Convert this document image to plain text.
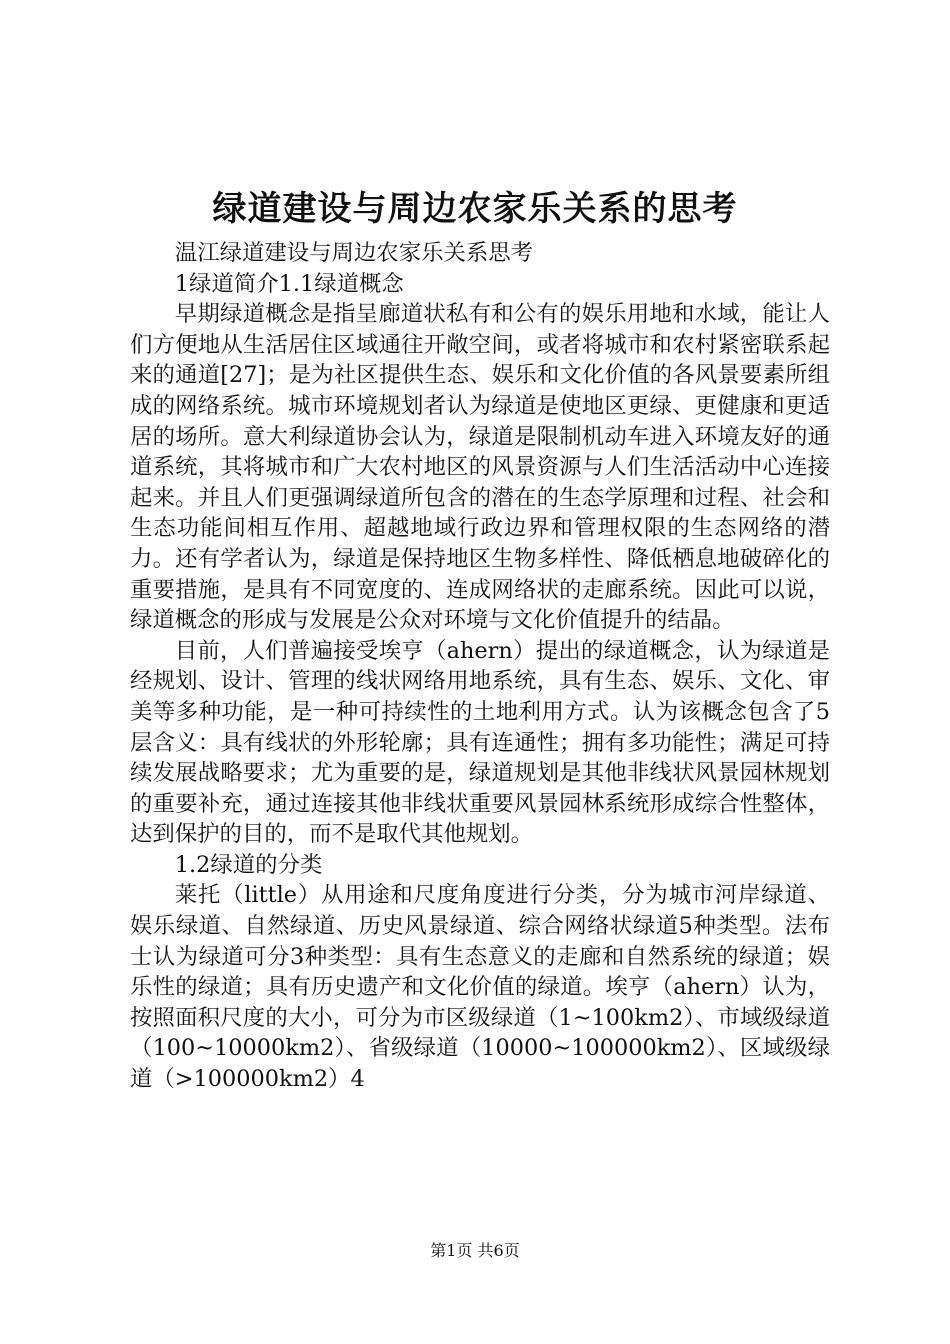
绿道建设与周边农家乐关系的思考

温江绿道建设与周边农家乐关系思考

1绿道简介1.1绿道概念

早期绿道概念是指呈廊道状私有和公有的娱乐用地和水域，能让人们方便地从生活居住区域通往开敞空间，或者将城市和农村紧密联系起来的通道[27]；是为社区提供生态、娱乐和文化价值的各风景要素所组成的网络系统。城市环境规划者认为绿道是使地区更绿、更健康和更适居的场所。意大利绿道协会认为，绿道是限制机动车进入环境友好的通道系统，其将城市和广大农村地区的风景资源与人们生活活动中心连接起来。并且人们更强调绿道所包含的潜在的生态学原理和过程、社会和生态功能间相互作用、超越地域行政边界和管理权限的生态网络的潜力。还有学者认为，绿道是保持地区生物多样性、降低栖息地破碎化的重要措施，是具有不同宽度的、连成网络状的走廊系统。因此可以说，绿道概念的形成与发展是公众对环境与文化价值提升的结晶。

目前，人们普遍接受埃亨（ahern）提出的绿道概念，认为绿道是经规划、设计、管理的线状网络用地系统，具有生态、娱乐、文化、审美等多种功能，是一种可持续性的土地利用方式。认为该概念包含了5层含义：具有线状的外形轮廓；具有连通性；拥有多功能性；满足可持续发展战略要求；尤为重要的是，绿道规划是其他非线状风景园林规划的重要补充，通过连接其他非线状重要风景园林系统形成综合性整体，达到保护的目的，而不是取代其他规划。

1.2绿道的分类

莱托（little）从用途和尺度角度进行分类，分为城市河岸绿道、娱乐绿道、自然绿道、历史风景绿道、综合网络状绿道5种类型。法布士认为绿道可分3种类型：具有生态意义的走廊和自然系统的绿道；娱乐性的绿道；具有历史遗产和文化价值的绿道。埃亨（ahern）认为，按照面积尺度的大小，可分为市区级绿道（1~100km2）、市域级绿道（100~10000km2）、省级绿道（10000~100000km2）、区域级绿道（>100000km2）4

第1页 共6页
